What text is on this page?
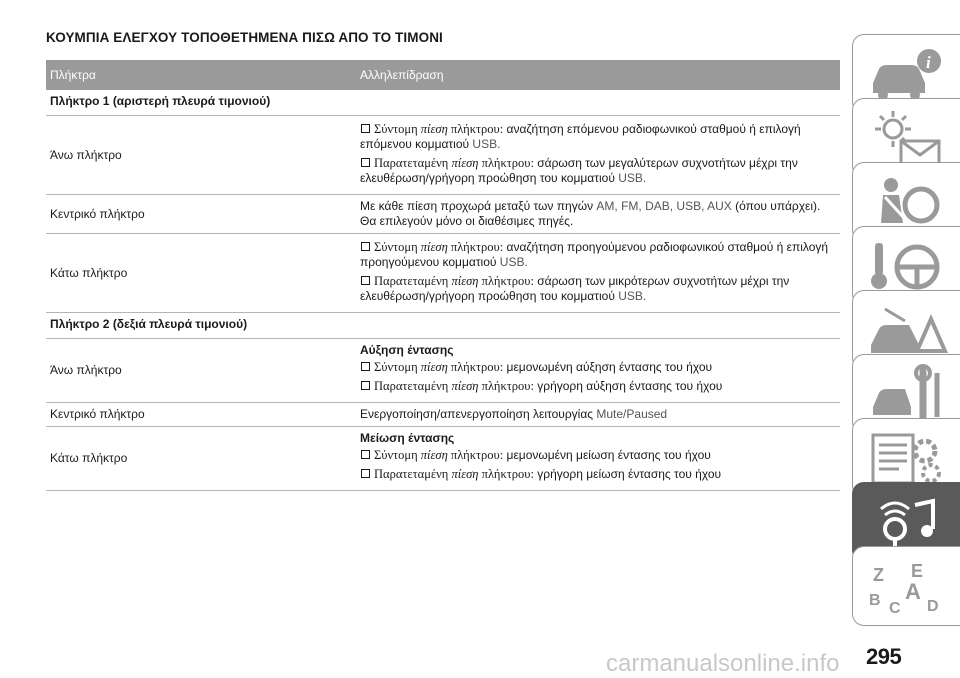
ΚΟΥΜΠΙΑ ΕΛΕΓΧΟΥ ΤΟΠΟΘΕΤΗΜΕΝΑ ΠΙΣΩ ΑΠΟ ΤΟ ΤΙΜΟΝΙ
Πλήκτρα	Αλληλεπίδραση
Πλήκτρο 1 (αριστερή πλευρά τιμονιού)	
Άνω πλήκτρο	Σύντομη πίεση πλήκτρου: αναζήτηση επόμενου ραδιοφωνικού σταθμού ή επιλογή επόμενου κομματιού USB.
Παρατεταμένη πίεση πλήκτρου: σάρωση των μεγαλύτερων συχνοτήτων μέχρι την ελευθέρωση/γρήγορη προώθηση του κομματιού USB.

Κεντρικό πλήκτρο	Με κάθε πίεση προχωρά μεταξύ των πηγών AM, FM, DAB, USB, AUX (όπου υπάρχει). Θα επιλεγούν μόνο οι διαθέσιμες πηγές.
Κάτω πλήκτρο	Σύντομη πίεση πλήκτρου: αναζήτηση προηγούμενου ραδιοφωνικού σταθμού ή επιλογή προηγούμενου κομματιού USB.
Παρατεταμένη πίεση πλήκτρου: σάρωση των μικρότερων συχνοτήτων μέχρι την ελευθέρωση/γρήγορη προώθηση του κομματιού USB.

Πλήκτρο 2 (δεξιά πλευρά τιμονιού)	
Άνω πλήκτρο	Αύξηση έντασης
Σύντομη πίεση πλήκτρου: μεμονωμένη αύξηση έντασης του ήχου
Παρατεταμένη πίεση πλήκτρου: γρήγορη αύξηση έντασης του ήχου

Κεντρικό πλήκτρο	Ενεργοποίηση/απενεργοποίηση λειτουργίας Mute/Paused
Κάτω πλήκτρο	Μείωση έντασης
Σύντομη πίεση πλήκτρου: μεμονωμένη μείωση έντασης του ήχου
Παρατεταμένη πίεση πλήκτρου: γρήγορη μείωση έντασης του ήχου
i
Z E
B C
A
D
carmanualsonline.info 295
